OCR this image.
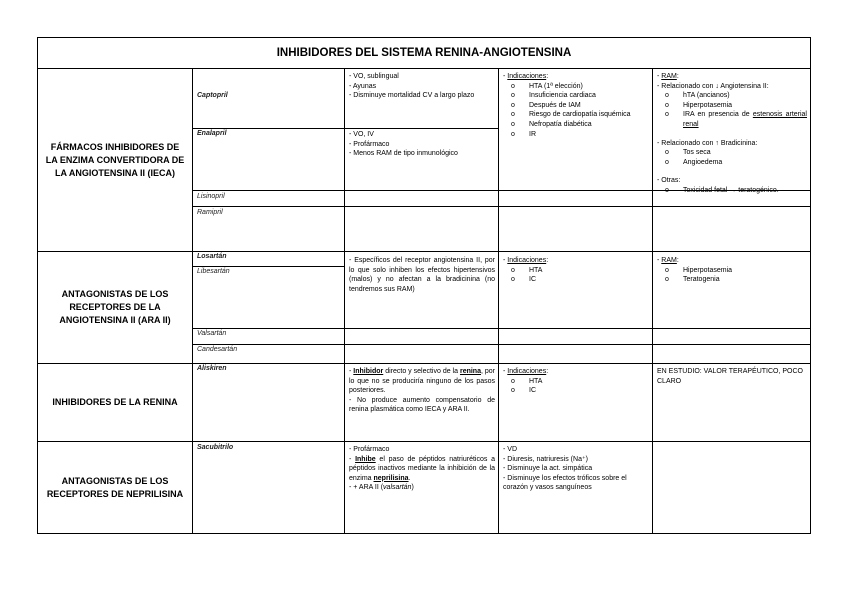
INHIBIDORES DEL SISTEMA RENINA-ANGIOTENSINA
FÁRMACOS INHIBIDORES DE LA ENZIMA CONVERTIDORA DE LA ANGIOTENSINA II (IECA)
ANTAGONISTAS DE LOS RECEPTORES DE LA ANGIOTENSINA II (ARA II)
INHIBIDORES DE LA RENINA
ANTAGONISTAS DE LOS RECEPTORES DE NEPRILISINA
Captopril
Enalapril
Lisinopril
Ramipril
Losartán
Libesartán
Valsartán
Candesartán
Aliskiren
Sacubitrilo

- VO, sublingual

- Ayunas

- Disminuye mortalidad CV a largo plazo

- VO, IV

- Profármaco

- Menos RAM de tipo inmunológico

- Indicaciones:

o HTA (1ª elección)
o Insuficiencia cardiaca
o Después de IAM
o Riesgo de cardiopatía isquémica
o Nefropatía diabética
o IR

- RAM:

- Relacionado con ↓ Angiotensina II:

o hTA (ancianos)
o Hiperpotasemia
o IRA en presencia de estenosis arterial renal

- Relacionado con ↑ Bradicinina:

o Tos seca
o Angioedema

- Otras:

o Toxicidad fetal → teratogénico.
- Específicos del receptor angiotensina II, por lo que solo inhiben los efectos hipertensivos (malos) y no afectan a la bradicinina (no tendremos sus RAM)

- Indicaciones:

o HTA
o IC

- RAM:

o Hiperpotasemia
o Teratogenia

- Inhibidor directo y selectivo de la renina, por lo que no se produciría ninguno de los pasos posteriores.

- No produce aumento compensatorio de renina plasmática como IECA y ARA II.

- Indicaciones:

o HTA
o IC
EN ESTUDIO: VALOR TERAPÉUTICO, POCO CLARO

- Profármaco

- Inhibe el paso de péptidos natriuréticos a péptidos inactivos mediante la inhibición de la enzima neprilisina.

- + ARA II (valsartán)

- VD

- Diuresis, natriuresis (Na⁺)

- Disminuye la act. simpática

- Disminuye los efectos tróficos sobre el corazón y vasos sanguíneos
